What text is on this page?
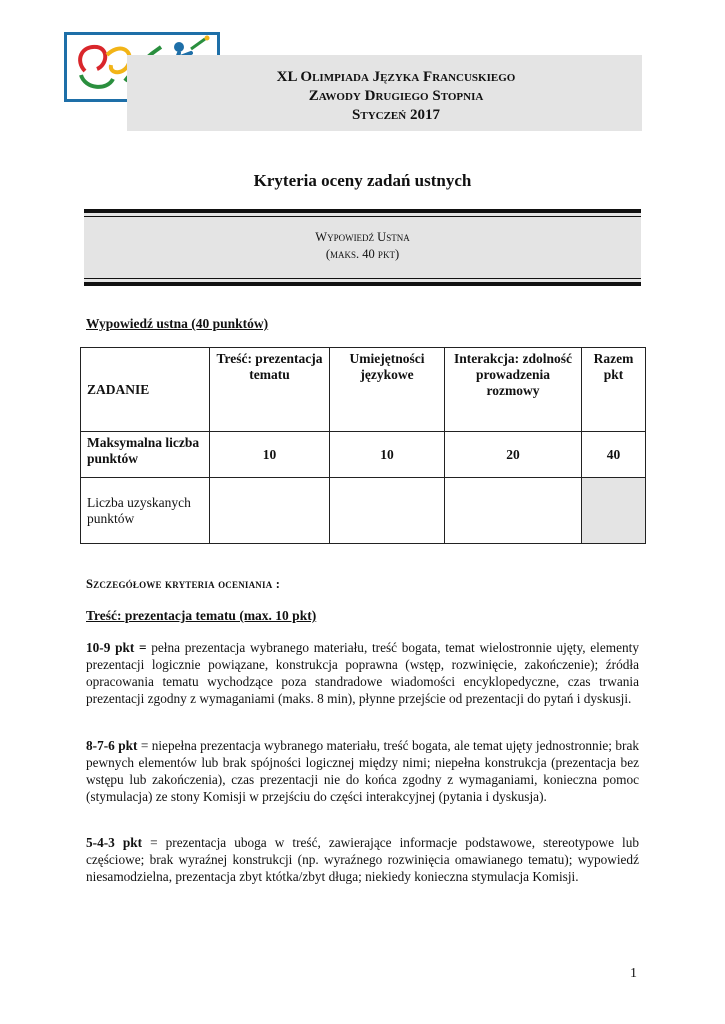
XL Olimpiada Języka Francuskiego
Zawody Drugiego Stopnia
Styczeń 2017
Kryteria oceny zadań ustnych
Wypowiedź Ustna
(maks. 40 pkt)
Wypowiedź ustna (40 punktów)
ZADANIE	Treść: prezentacja tematu	Umiejętności językowe	Interakcja: zdolność prowadzenia rozmowy	Razem pkt
Maksymalna liczba punktów	10	10	20	40
Liczba uzyskanych punktów				
Szczegółowe kryteria oceniania :
Treść: prezentacja tematu (max. 10 pkt)
10-9 pkt = pełna prezentacja wybranego materiału, treść bogata, temat wielostronnie ujęty, elementy prezentacji logicznie powiązane, konstrukcja poprawna (wstęp, rozwinięcie, zakończenie); źródła opracowania tematu wychodzące poza standradowe wiadomości encyklopedyczne, czas trwania prezentacji zgodny z wymaganiami (maks. 8 min), płynne przejście od prezentacji do pytań i dyskusji.
8-7-6 pkt = niepełna prezentacja wybranego materiału, treść bogata, ale temat ujęty jednostronnie; brak pewnych elementów lub brak spójności logicznej między nimi; niepełna konstrukcja (prezentacja bez wstępu lub zakończenia), czas prezentacji nie do końca zgodny z wymaganiami, konieczna pomoc (stymulacja) ze stony Komisji w przejściu do części interakcyjnej (pytania i dyskusja).
5-4-3 pkt = prezentacja uboga w treść, zawierające informacje podstawowe, stereotypowe lub częściowe; brak wyraźnej konstrukcji (np. wyraźnego rozwinięcia omawianego tematu); wypowiedź niesamodzielna, prezentacja zbyt któtka/zbyt długa; niekiedy konieczna stymulacja Komisji.
1
